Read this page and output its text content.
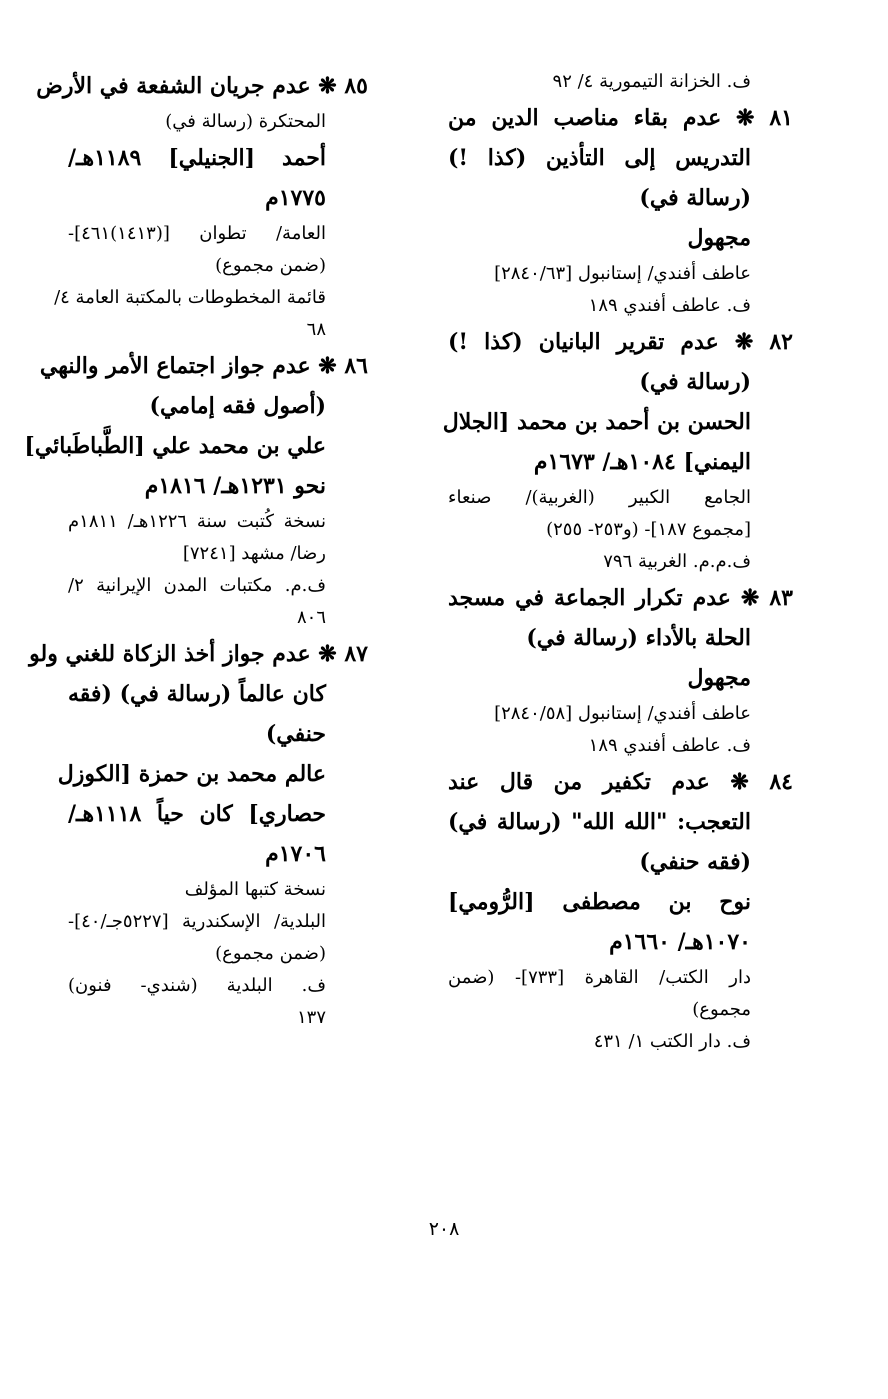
ف. الخزانة التيمورية ٤/ ٩٢
٨١ ❋ عدم بقاء مناصب الدين من
التدريس إلى التأذين (كذا !)
(رسالة في)
مجهول
عاطف أفندي/ إستانبول [٢٨٤٠/٦٣]
ف. عاطف أفندي ١٨٩
٨٢ ❋ عدم تقرير البانيان (كذا !)
(رسالة في)
الحسن بن أحمد بن محمد [الجلال
اليمني] ١٠٨٤هـ/ ١٦٧٣م
الجامع الكبير (الغربية)/ صنعاء
[مجموع ١٨٧]- (و٢٥٣- ٢٥٥)
ف.م.م. الغربية ٧٩٦
٨٣ ❋ عدم تكرار الجماعة في مسجد
الحلة بالأداء (رسالة في)
مجهول
عاطف أفندي/ إستانبول [٢٨٤٠/٥٨]
ف. عاطف أفندي ١٨٩
٨٤ ❋ عدم تكفير من قال عند
التعجب: "الله الله" (رسالة في)
(فقه حنفي)
نوح بن مصطفى [الرُّومي]
١٠٧٠هـ/ ١٦٦٠م
دار الكتب/ القاهرة [٧٣٣]- (ضمن
مجموع)
ف. دار الكتب ١/ ٤٣١
٨٥ ❋ عدم جريان الشفعة في الأرض
المحتكرة (رسالة في)
أحمد [الجنيلي] ١١٨٩هـ/
١٧٧٥م
العامة/ تطوان [(١٤١٣)٤٦١]-
(ضمن مجموع)
قائمة المخطوطات بالمكتبة العامة ٤/
٦٨
٨٦ ❋ عدم جواز اجتماع الأمر والنهي
(أصول فقه إمامي)
علي بن محمد علي [الطَّباطَبائي]
نحو ١٢٣١هـ/ ١٨١٦م
نسخة كُتبت سنة ١٢٢٦هـ/ ١٨١١م
رضا/ مشهد [٧٢٤١]
ف.م. مكتبات المدن الإيرانية ٢/
٨٠٦
٨٧ ❋ عدم جواز أخذ الزكاة للغني ولو
كان عالماً (رسالة في) (فقه
حنفي)
عالم محمد بن حمزة [الكوزل
حصاري] كان حياً ١١١٨هـ/
١٧٠٦م
نسخة كتبها المؤلف
البلدية/ الإسكندرية [٥٢٢٧جـ/٤٠]-
(ضمن مجموع)
ف. البلدية (شندي- فنون)
١٣٧
٢٠٨
